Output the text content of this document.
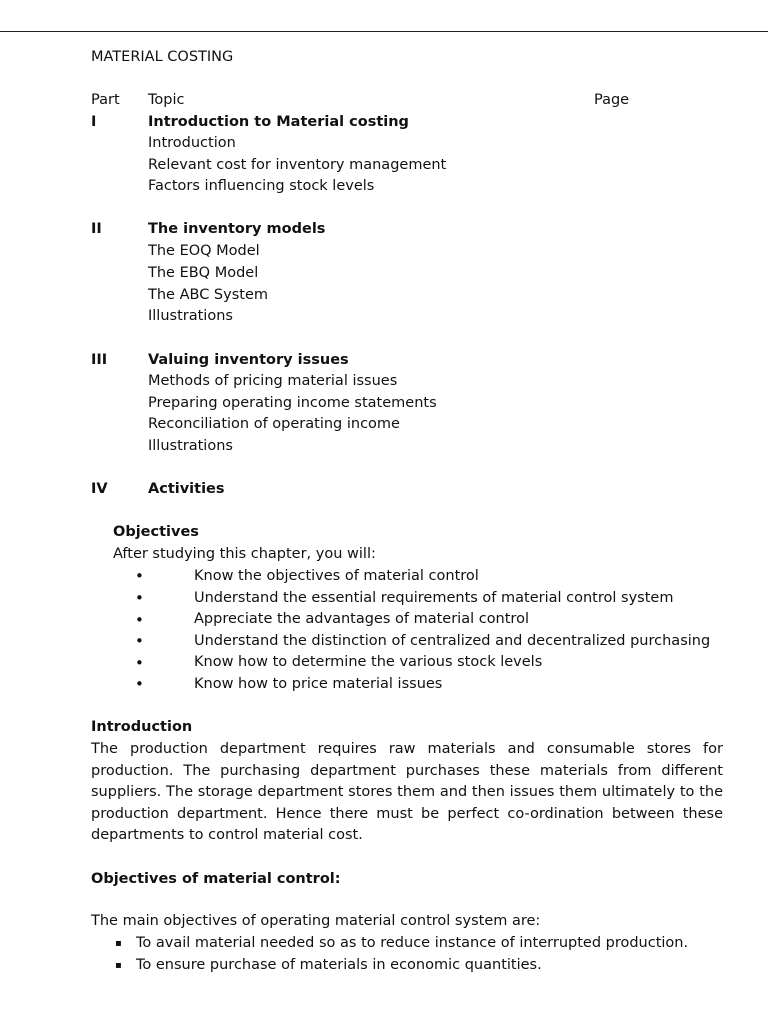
MATERIAL COSTING
Part Topic	Page
I	Introduction to Material costing
Introduction
Relevant cost for inventory management
Factors influencing stock levels
II	The inventory models
The EOQ Model
The EBQ Model
The ABC System
Illustrations
III	Valuing inventory issues
Methods of pricing material issues
Preparing operating income statements
Reconciliation of operating income
Illustrations
IV	Activities
Objectives
After studying this chapter, you will:
•	Know the objectives of material control
•	Understand the essential requirements of material control system
•	Appreciate the advantages of material control
•	Understand the distinction of centralized and decentralized purchasing
•	Know how to determine the various stock levels
•	Know how to price material issues
Introduction
The production department requires raw materials and consumable stores for production. The purchasing department purchases these materials from different suppliers. The storage department stores them and then issues them ultimately to the production department. Hence there must be perfect co-ordination between these departments to control material cost.
Objectives of material control:
The main objectives of operating material control system are:
▪ To avail material needed so as to reduce instance of interrupted production.
▪ To ensure purchase of materials in economic quantities.
